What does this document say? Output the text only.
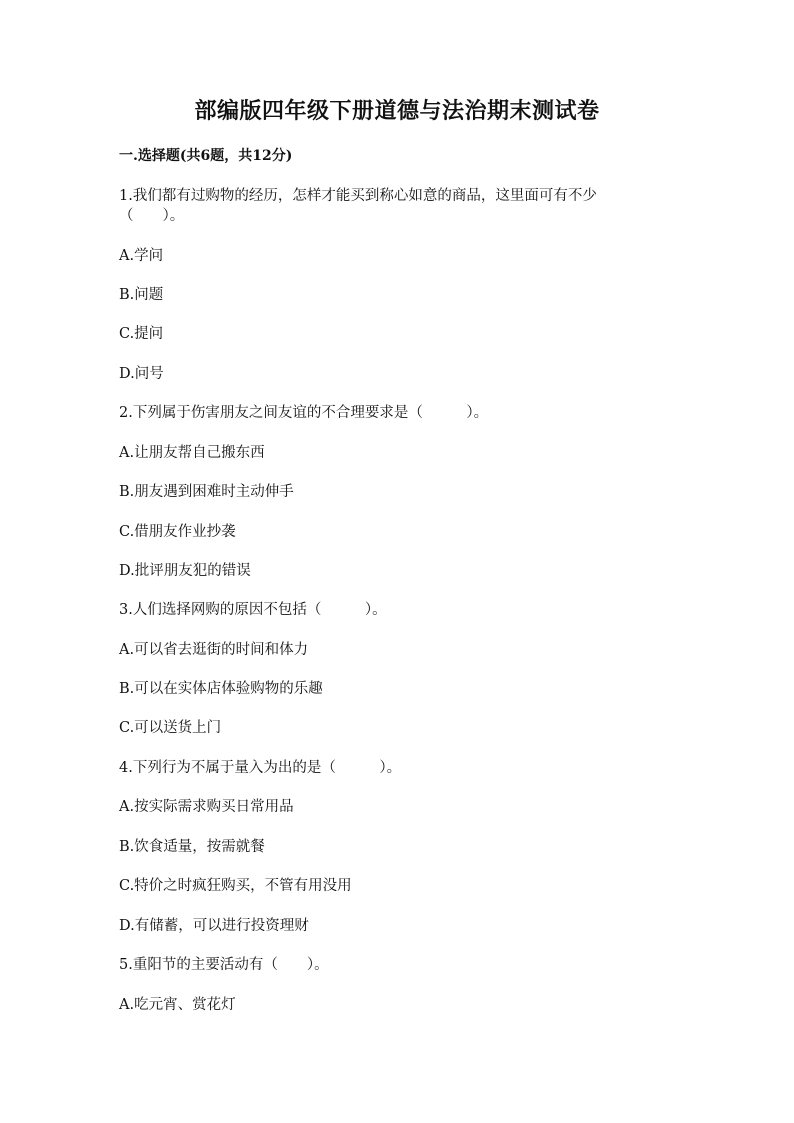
部编版四年级下册道德与法治期末测试卷
一.选择题(共6题，共12分)
1.我们都有过购物的经历，怎样才能买到称心如意的商品，这里面可有不少
（　　）。
A.学问
B.问题
C.提问
D.问号
2.下列属于伤害朋友之间友谊的不合理要求是（　　　）。
A.让朋友帮自己搬东西
B.朋友遇到困难时主动伸手
C.借朋友作业抄袭
D.批评朋友犯的错误
3.人们选择网购的原因不包括（　　　）。
A.可以省去逛街的时间和体力
B.可以在实体店体验购物的乐趣
C.可以送货上门
4.下列行为不属于量入为出的是（　　　）。
A.按实际需求购买日常用品
B.饮食适量，按需就餐
C.特价之时疯狂购买，不管有用没用
D.有储蓄，可以进行投资理财
5.重阳节的主要活动有（　　）。
A.吃元宵、赏花灯
